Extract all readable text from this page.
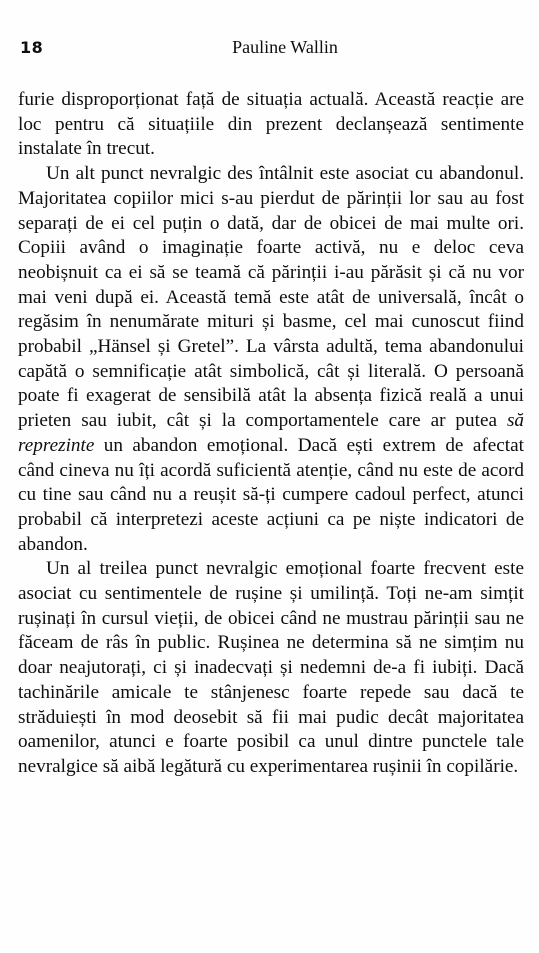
18	Pauline Wallin

furie disproporționat față de situația actuală. Această reacție are loc pentru că situațiile din prezent declanșează sentimente instalate în trecut.

Un alt punct nevralgic des întâlnit este asociat cu abandonul. Majoritatea copiilor mici s-au pierdut de părinții lor sau au fost separați de ei cel puțin o dată, dar de obicei de mai multe ori. Copiii având o imaginație foarte activă, nu e deloc ceva neobișnuit ca ei să se teamă că părinții i-au părăsit și că nu vor mai veni după ei. Această temă este atât de universală, încât o regăsim în nenumărate mituri și basme, cel mai cunoscut fiind probabil „Hänsel și Gretel”. La vârsta adultă, tema abandonului capătă o semnificație atât simbolică, cât și literală. O persoană poate fi exagerat de sensibilă atât la absența fizică reală a unui prieten sau iubit, cât și la comportamentele care ar putea să reprezinte un abandon emoțional. Dacă ești extrem de afectat când cineva nu îți acordă suficientă atenție, când nu este de acord cu tine sau când nu a reușit să-ți cumpere cadoul perfect, atunci probabil că interpretezi aceste acțiuni ca pe niște indicatori de abandon.

Un al treilea punct nevralgic emoțional foarte frecvent este asociat cu sentimentele de rușine și umilință. Toți ne-am simțit rușinați în cursul vieții, de obicei când ne mustrau părinții sau ne făceam de râs în public. Rușinea ne determina să ne simțim nu doar neajutorați, ci și inadecvați și nedemni de-a fi iubiți. Dacă tachinările amicale te stânjenesc foarte repede sau dacă te străduiești în mod deosebit să fii mai pudic decât majoritatea oamenilor, atunci e foarte posibil ca unul dintre punctele tale nevralgice să aibă legătură cu experimentarea rușinii în copilărie.
